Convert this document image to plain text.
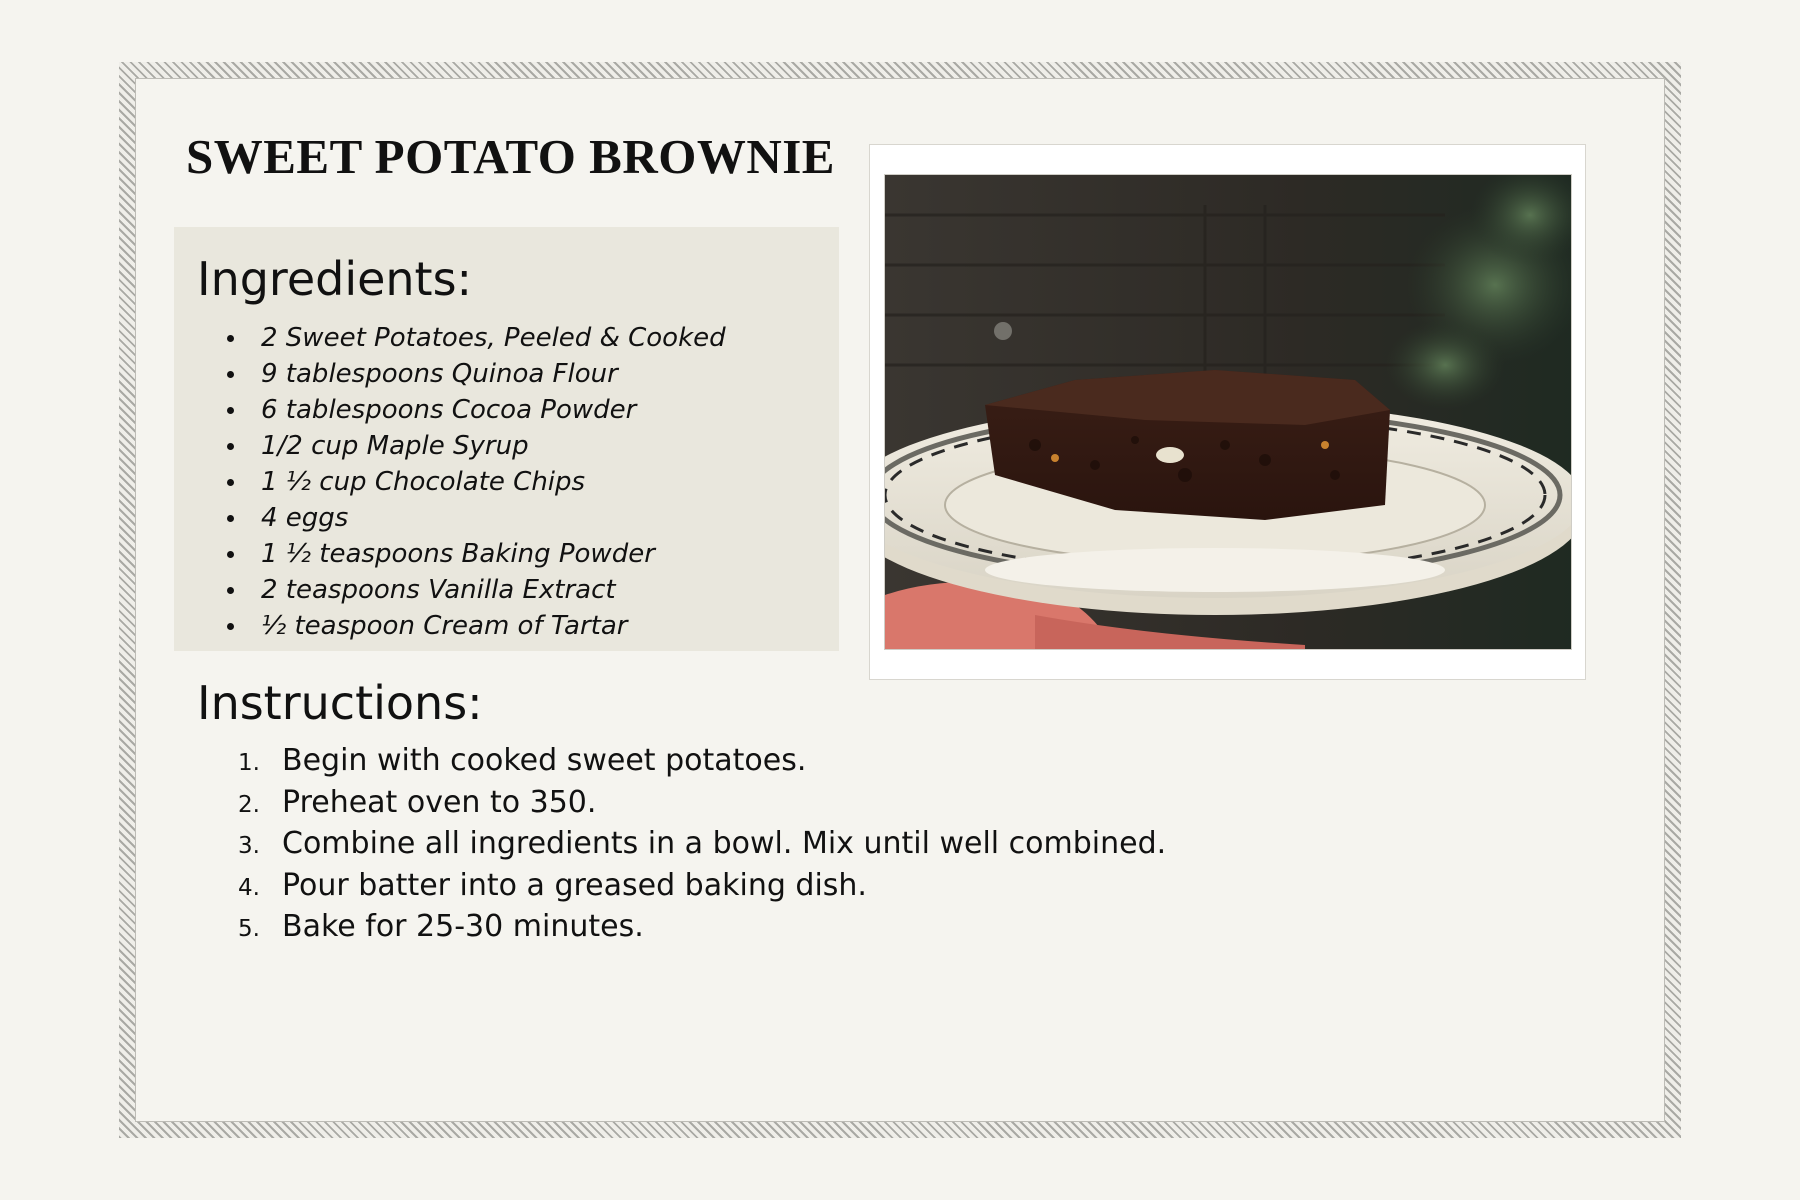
SWEET POTATO BROWNIE
Ingredients:
2 Sweet Potatoes, Peeled & Cooked
9 tablespoons Quinoa Flour
6 tablespoons Cocoa Powder
1/2 cup Maple Syrup
1 ½ cup Chocolate Chips
4 eggs
1 ½ teaspoons Baking Powder
2 teaspoons Vanilla Extract
½ teaspoon Cream of Tartar
Instructions:
1. Begin with cooked sweet potatoes.
2. Preheat oven to 350.
3. Combine all ingredients in a bowl. Mix until well combined.
4. Pour batter into a greased baking dish.
5. Bake for 25-30 minutes.
